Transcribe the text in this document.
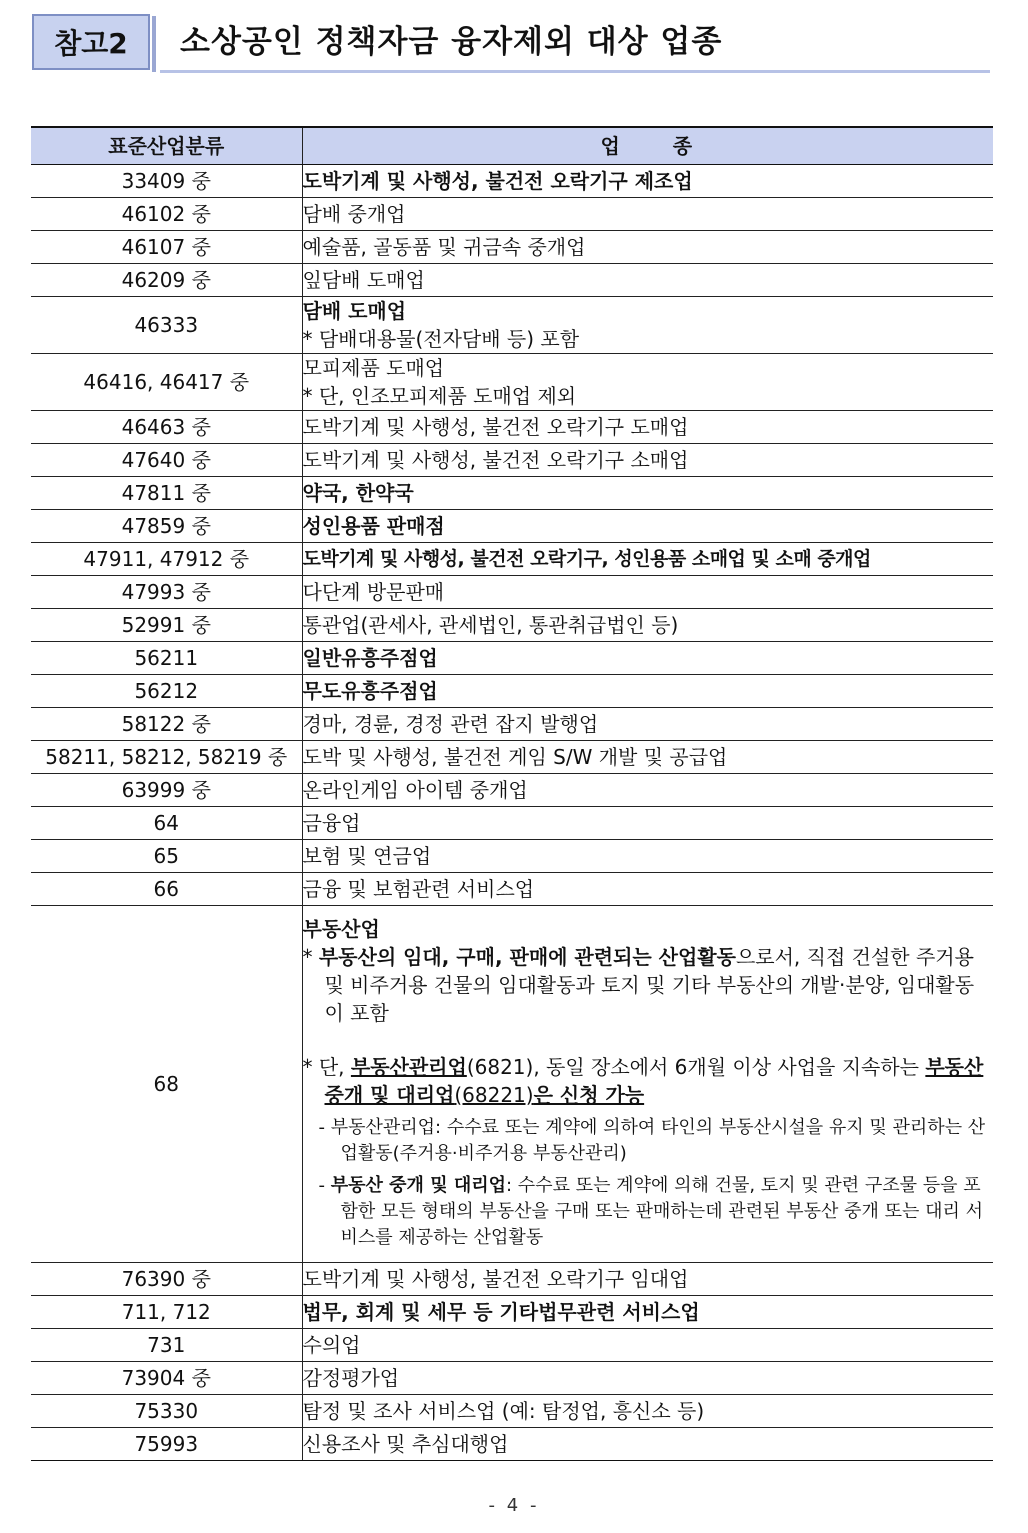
참고2	소상공인 정책자금 융자제외 대상 업종
표준산업분류	업 종
33409 중	도박기계 및 사행성, 불건전 오락기구 제조업
46102 중	담배 중개업
46107 중	예술품, 골동품 및 귀금속 중개업
46209 중	잎담배 도매업
46333	담배 도매업
* 담배대용물(전자담배 등) 포함

46416, 46417 중	모피제품 도매업
* 단, 인조모피제품 도매업 제외

46463 중	도박기계 및 사행성, 불건전 오락기구 도매업
47640 중	도박기계 및 사행성, 불건전 오락기구 소매업
47811 중	약국, 한약국
47859 중	성인용품 판매점
47911, 47912 중	도박기계 및 사행성, 불건전 오락기구, 성인용품 소매업 및 소매 중개업
47993 중	다단계 방문판매
52991 중	통관업(관세사, 관세법인, 통관취급법인 등)
56211	일반유흥주점업
56212	무도유흥주점업
58122 중	경마, 경륜, 경정 관련 잡지 발행업
58211, 58212, 58219 중	도박 및 사행성, 불건전 게임 S/W 개발 및 공급업
63999 중	온라인게임 아이템 중개업
64	금융업
65	보험 및 연금업
66	금융 및 보험관련 서비스업
68	부동산업
* 부동산의 임대, 구매, 판매에 관련되는 산업활동으로서, 직접 건설한 주거용 및 비주거용 건물의 임대활동과 토지 및 기타 부동산의 개발·분양, 임대활동이 포함
* 단, 부동산관리업(6821), 동일 장소에서 6개월 이상 사업을 지속하는 부동산 중개 및 대리업(68221)은 신청 가능
- 부동산관리업: 수수료 또는 계약에 의하여 타인의 부동산시설을 유지 및 관리하는 산업활동(주거용·비주거용 부동산관리)
- 부동산 중개 및 대리업: 수수료 또는 계약에 의해 건물, 토지 및 관련 구조물 등을 포함한 모든 형태의 부동산을 구매 또는 판매하는데 관련된 부동산 중개 또는 대리 서비스를 제공하는 산업활동

76390 중	도박기계 및 사행성, 불건전 오락기구 임대업
711, 712	법무, 회계 및 세무 등 기타법무관련 서비스업
731	수의업
73904 중	감정평가업
75330	탐정 및 조사 서비스업 (예: 탐정업, 흥신소 등)
75993	신용조사 및 추심대행업
- 4 -
